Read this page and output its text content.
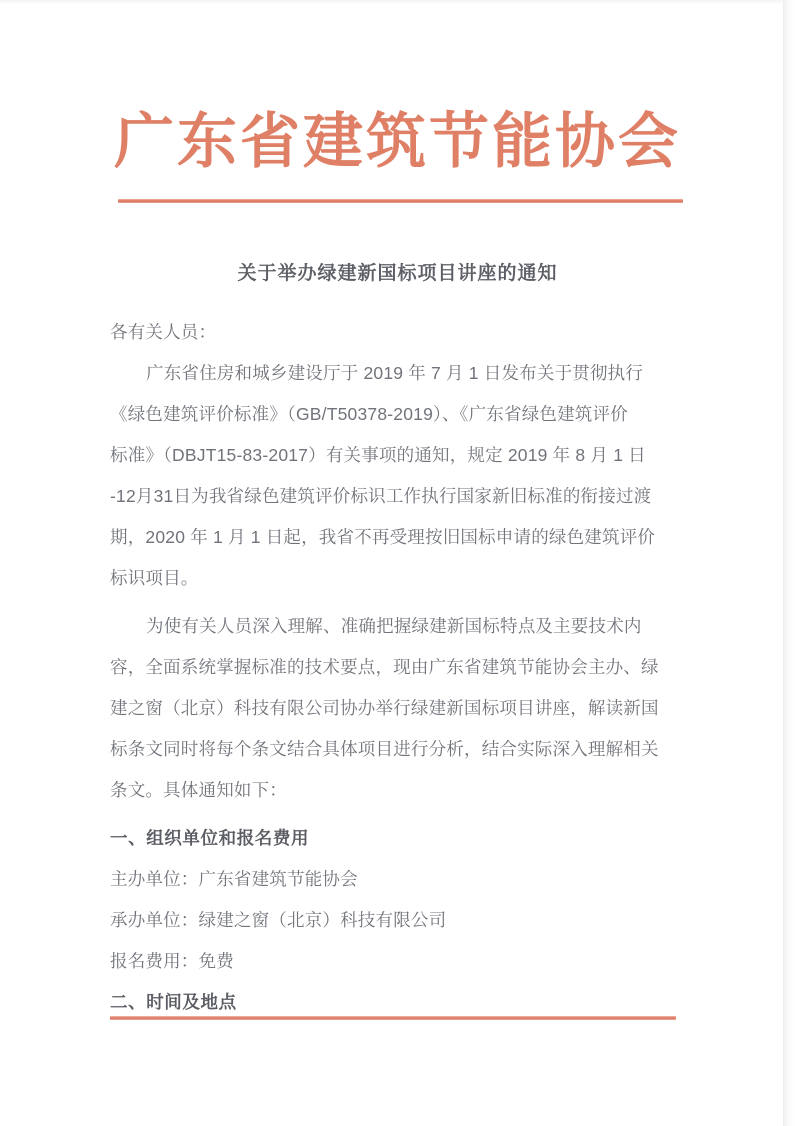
广东省建筑节能协会
关于举办绿建新国标项目讲座的通知
各有关人员：
广东省住房和城乡建设厅于 2019 年 7 月 1 日发布关于贯彻执行
《绿色建筑评价标准》（GB/T50378-2019）、《广东省绿色建筑评价
标准》（DBJT15-83-2017）有关事项的通知，规定 2019 年 8 月 1 日
-12月31日为我省绿色建筑评价标识工作执行国家新旧标准的衔接过渡
期，2020 年 1 月 1 日起，我省不再受理按旧国标申请的绿色建筑评价
标识项目。
为使有关人员深入理解、准确把握绿建新国标特点及主要技术内
容，全面系统掌握标准的技术要点，现由广东省建筑节能协会主办、绿
建之窗（北京）科技有限公司协办举行绿建新国标项目讲座，解读新国
标条文同时将每个条文结合具体项目进行分析，结合实际深入理解相关
条文。具体通知如下：
一、组织单位和报名费用
主办单位：广东省建筑节能协会
承办单位：绿建之窗（北京）科技有限公司
报名费用：免费
二、时间及地点
